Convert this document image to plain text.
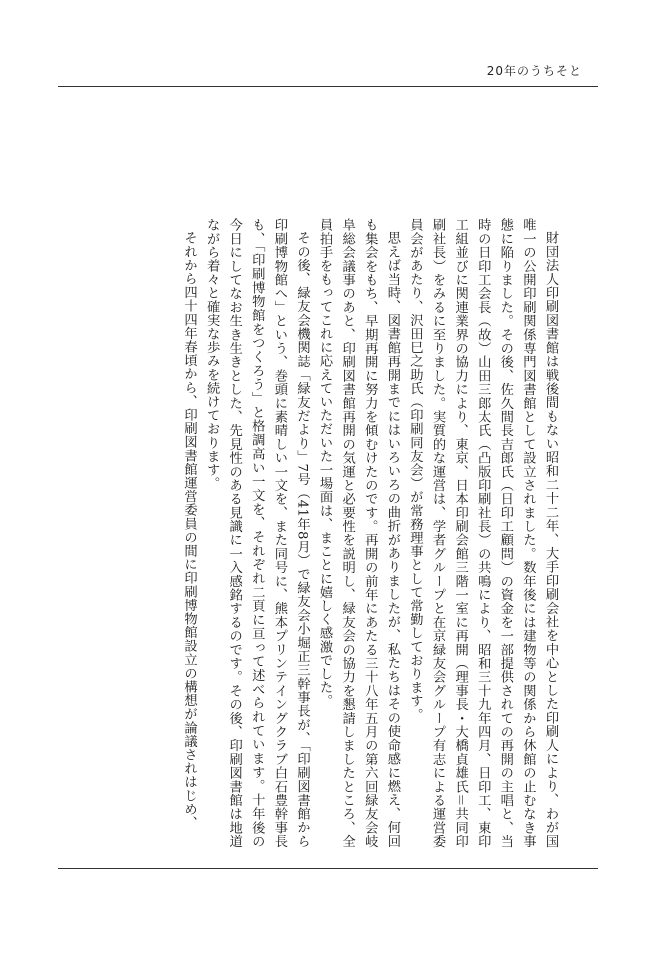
20年のうちそと

財団法人印刷図書館は戦後間もない昭和二十二年、大手印刷会社を中心とした印刷人により、わが国唯一の公開印刷関係専門図書館として設立されました。数年後には建物等の関係から休館の止むなき事態に陥りました。その後、佐久間長吉郎氏（日印工顧問）の資金を一部提供されての再開の主唱と、当時の日印工会長（故）山田三郎太氏（凸版印刷社長）の共鳴により、昭和三十九年四月、日印工、東印工組並びに関連業界の協力により、東京、日本印刷会館三階一室に再開（理事長・大橋貞雄氏＝共同印刷社長）をみるに至りました。実質的な運営は、学者グループと在京緑友会グループ有志による運営委員会があたり、沢田巳之助氏（印刷同友会）が常務理事として常勤しております。

思えば当時、図書館再開までにはいろいろの曲折がありましたが、私たちはその使命感に燃え、何回も集会をもち、早期再開に努力を傾むけたのです。再開の前年にあたる三十八年五月の第六回緑友会岐阜総会議事のあと、印刷図書館再開の気運と必要性を説明し、緑友会の協力を懇請しましたところ、全員拍手をもってこれに応えていただいた一場面は、まことに嬉しく感激でした。

その後、緑友会機関誌「緑友だより」7号（41年8月）で緑友会小堀正三幹事長が、「印刷図書館から印刷博物館へ」という、巻頭に素晴しい一文を、また同号に、熊本プリンテイングクラブ白石豊幹事長も、「印刷博物館をつくろう」と格調高い一文を、それぞれ二頁に亘って述べられています。十年後の今日にしてなお生き生きとした、先見性のある見識に一入感銘するのです。その後、印刷図書館は地道ながら着々と確実な歩みを続けております。

それから四十四年春頃から、印刷図書館運営委員の間に印刷博物館設立の構想が論議されはじめ、
